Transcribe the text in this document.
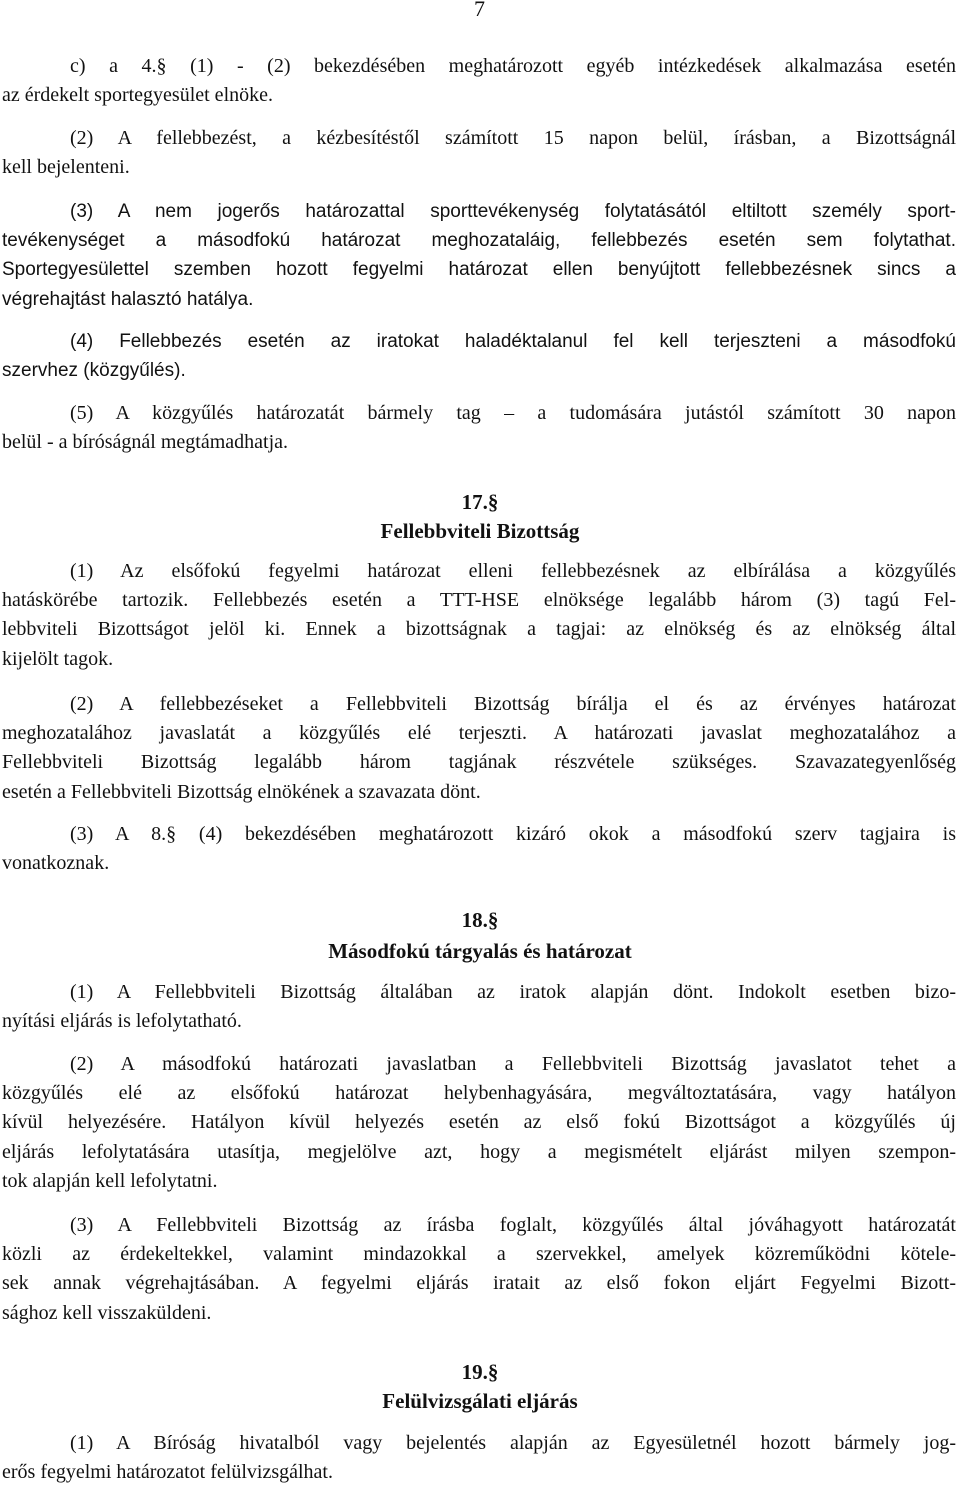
7
c) a 4.§ (1) - (2) bekezdésében meghatározott egyéb intézkedések alkalmazása esetén
az érdekelt sportegyesület elnöke.
(2) A fellebbezést, a kézbesítéstől számított 15 napon belül, írásban, a Bizottságnál
kell bejelenteni.
(3) A nem jogerős határozattal sporttevékenység folytatásától eltiltott személy sport-
tevékenységet a másodfokú határozat meghozataláig, fellebbezés esetén sem folytathat.
Sportegyesülettel szemben hozott fegyelmi határozat ellen benyújtott fellebbezésnek sincs a
végrehajtást halasztó hatálya.
(4) Fellebbezés esetén az iratokat haladéktalanul fel kell terjeszteni a másodfokú
szervhez (közgyűlés).
(5) A közgyűlés határozatát bármely tag – a tudomására jutástól számított 30 napon
belül - a bíróságnál megtámadhatja.
17.§
Fellebbviteli Bizottság
(1) Az elsőfokú fegyelmi határozat elleni fellebbezésnek az elbírálása a közgyűlés
hatáskörébe tartozik. Fellebbezés esetén a TTT-HSE elnöksége legalább három (3) tagú Fel-
lebbviteli Bizottságot jelöl ki. Ennek a bizottságnak a tagjai: az elnökség és az elnökség által
kijelölt tagok.
(2) A fellebbezéseket a Fellebbviteli Bizottság bírálja el és az érvényes határozat
meghozatalához javaslatát a közgyűlés elé terjeszti. A határozati javaslat meghozatalához a
Fellebbviteli Bizottság legalább három tagjának részvétele szükséges. Szavazategyenlőség
esetén a Fellebbviteli Bizottság elnökének a szavazata dönt.
(3) A 8.§ (4) bekezdésében meghatározott kizáró okok a másodfokú szerv tagjaira is
vonatkoznak.
18.§
Másodfokú tárgyalás és határozat
(1) A Fellebbviteli Bizottság általában az iratok alapján dönt. Indokolt esetben bizo-
nyítási eljárás is lefolytatható.
(2) A másodfokú határozati javaslatban a Fellebbviteli Bizottság javaslatot tehet a
közgyűlés elé az elsőfokú határozat helybenhagyására, megváltoztatására, vagy hatályon
kívül helyezésére. Hatályon kívül helyezés esetén az első fokú Bizottságot a közgyűlés új
eljárás lefolytatására utasítja, megjelölve azt, hogy a megismételt eljárást milyen szempon-
tok alapján kell lefolytatni.
(3) A Fellebbviteli Bizottság az írásba foglalt, közgyűlés által jóváhagyott határozatát
közli az érdekeltekkel, valamint mindazokkal a szervekkel, amelyek közreműködni kötele-
sek annak végrehajtásában. A fegyelmi eljárás iratait az első fokon eljárt Fegyelmi Bizott-
sághoz kell visszaküldeni.
19.§
Felülvizsgálati eljárás
(1) A Bíróság hivatalból vagy bejelentés alapján az Egyesületnél hozott bármely jog-
erős fegyelmi határozatot felülvizsgálhat.
